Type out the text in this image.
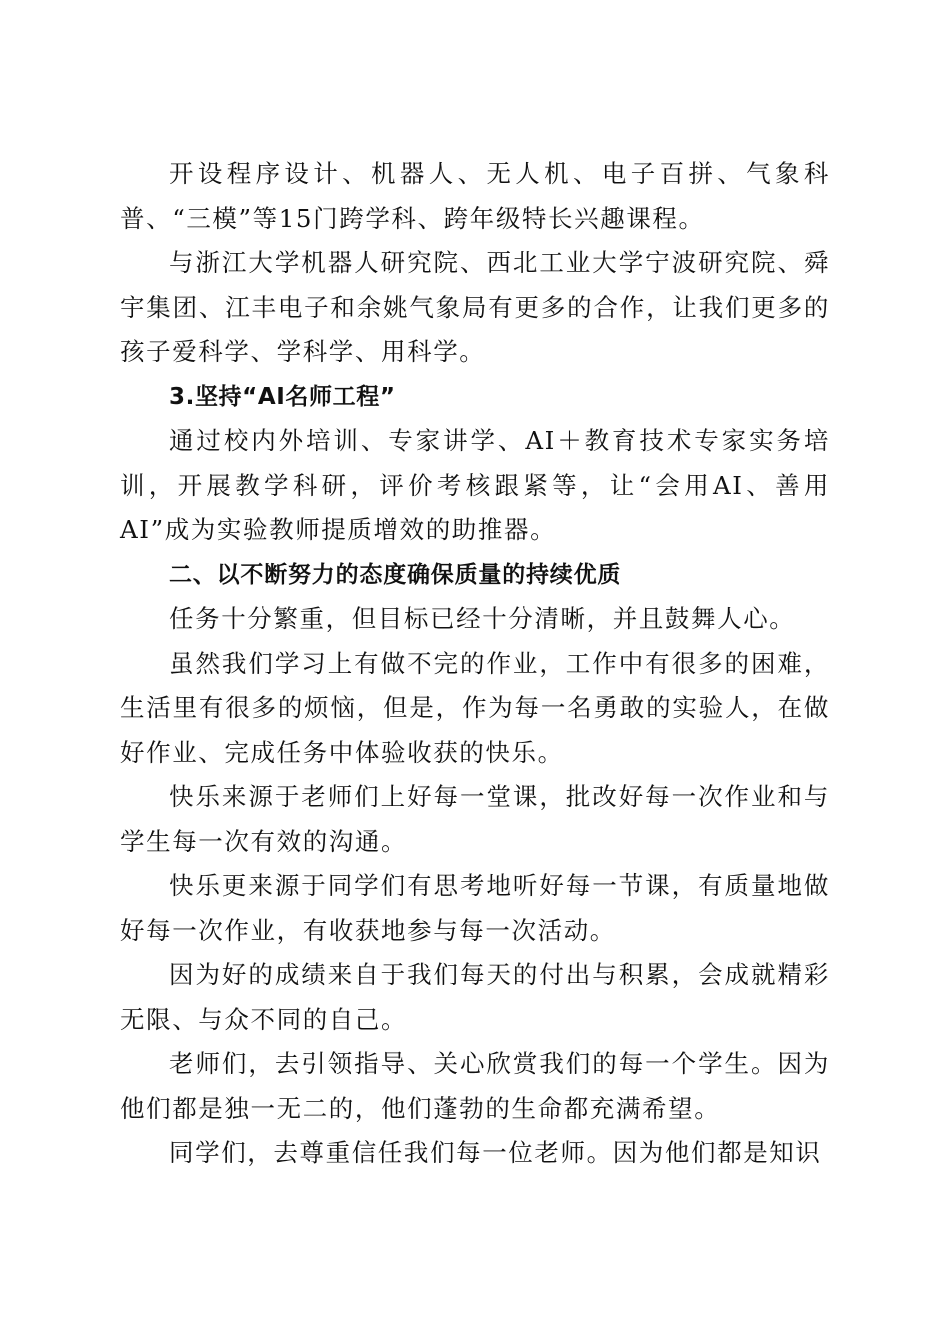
开设程序设计、机器人、无人机、电子百拼、气象科普、“三模”等15门跨学科、跨年级特长兴趣课程。

与浙江大学机器人研究院、西北工业大学宁波研究院、舜宇集团、江丰电子和余姚气象局有更多的合作，让我们更多的孩子爱科学、学科学、用科学。

3.坚持“AI名师工程”

通过校内外培训、专家讲学、AI＋教育技术专家实务培训，开展教学科研，评价考核跟紧等，让“会用AI、善用AI”成为实验教师提质增效的助推器。

二、以不断努力的态度确保质量的持续优质

任务十分繁重，但目标已经十分清晰，并且鼓舞人心。

虽然我们学习上有做不完的作业，工作中有很多的困难，生活里有很多的烦恼，但是，作为每一名勇敢的实验人，在做好作业、完成任务中体验收获的快乐。

快乐来源于老师们上好每一堂课，批改好每一次作业和与学生每一次有效的沟通。

快乐更来源于同学们有思考地听好每一节课，有质量地做好每一次作业，有收获地参与每一次活动。

因为好的成绩来自于我们每天的付出与积累，会成就精彩无限、与众不同的自己。

老师们，去引领指导、关心欣赏我们的每一个学生。因为他们都是独一无二的，他们蓬勃的生命都充满希望。

同学们，去尊重信任我们每一位老师。因为他们都是知识
